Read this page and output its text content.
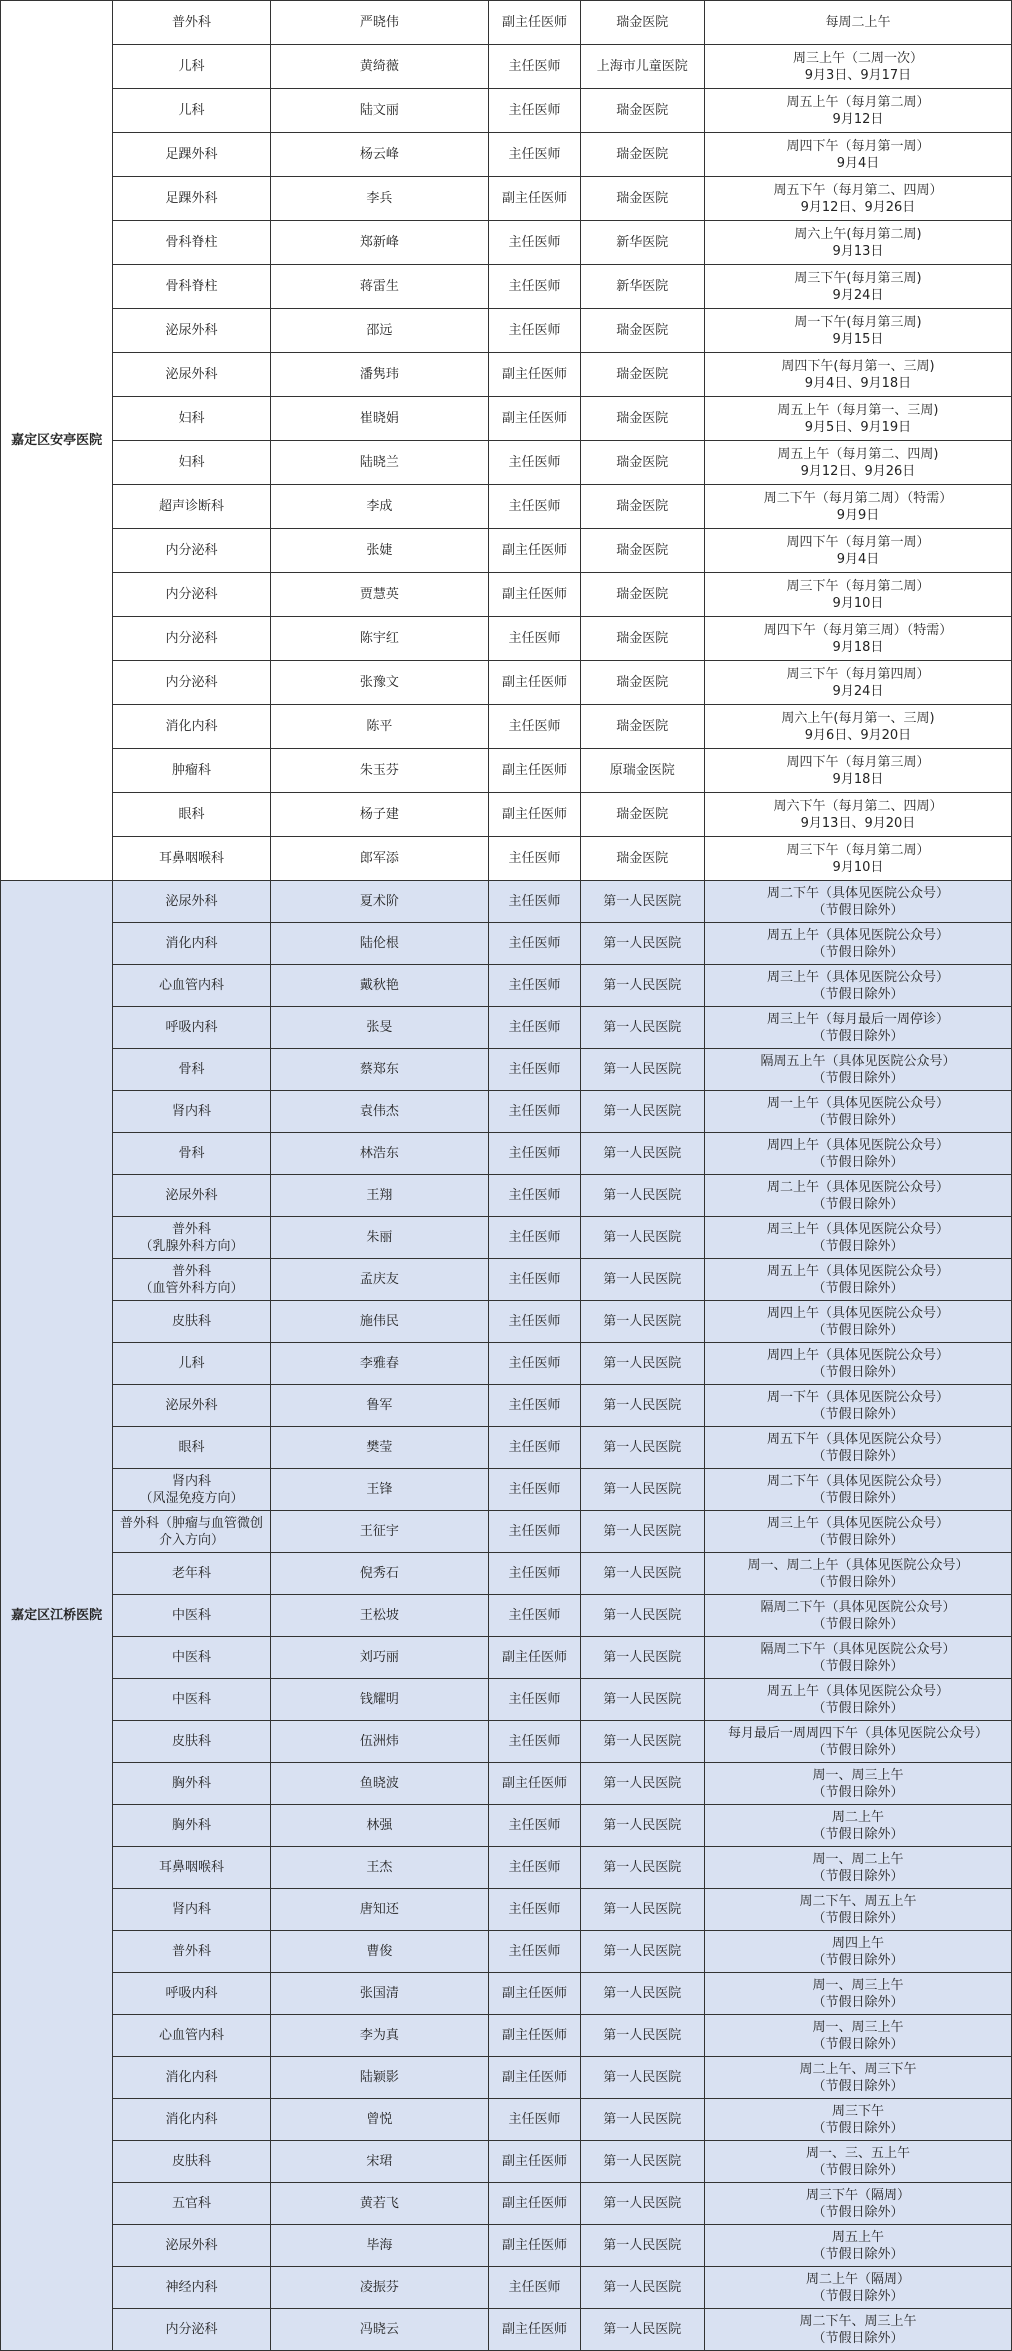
嘉定区安亭医院	普外科	严晓伟	副主任医师	瑞金医院	每周二上午

	儿科	黄绮薇	主任医师	上海市儿童医院	周三上午（二周一次）
9月3日、9月17日

	儿科	陆文丽	主任医师	瑞金医院	周五上午（每月第二周）
9月12日

	足踝外科	杨云峰	主任医师	瑞金医院	周四下午（每月第一周）
9月4日

	足踝外科	李兵	副主任医师	瑞金医院	周五下午（每月第二、四周）
9月12日、9月26日

	骨科脊柱	郑新峰	主任医师	新华医院	周六上午(每月第二周)
9月13日

	骨科脊柱	蒋雷生	主任医师	新华医院	周三下午(每月第三周)
9月24日

	泌尿外科	邵远	主任医师	瑞金医院	周一下午(每月第三周)
9月15日

	泌尿外科	潘隽玮	副主任医师	瑞金医院	周四下午(每月第一、三周)
9月4日、9月18日

	妇科	崔晓娟	副主任医师	瑞金医院	周五上午（每月第一、三周)
9月5日、9月19日

	妇科	陆晓兰	主任医师	瑞金医院	周五上午（每月第二、四周)
9月12日、9月26日

	超声诊断科	李成	主任医师	瑞金医院	周二下午（每月第二周）（特需）
9月9日

	内分泌科	张婕	副主任医师	瑞金医院	周四下午（每月第一周）
9月4日

	内分泌科	贾慧英	副主任医师	瑞金医院	周三下午（每月第二周）
9月10日

	内分泌科	陈宇红	主任医师	瑞金医院	周四下午（每月第三周）（特需）
9月18日

	内分泌科	张豫文	副主任医师	瑞金医院	周三下午（每月第四周）
9月24日

	消化内科	陈平	主任医师	瑞金医院	周六上午(每月第一、三周)
9月6日、9月20日

	肿瘤科	朱玉芬	副主任医师	原瑞金医院	周四下午（每月第三周）
9月18日

	眼科	杨子建	副主任医师	瑞金医院	周六下午（每月第二、四周）
9月13日、9月20日

	耳鼻咽喉科	郎军添	主任医师	瑞金医院	周三下午（每月第二周）
9月10日

嘉定区江桥医院	泌尿外科	夏术阶	主任医师	第一人民医院	周二下午（具体见医院公众号）
（节假日除外）

	消化内科	陆伦根	主任医师	第一人民医院	周五上午（具体见医院公众号）
（节假日除外）

	心血管内科	戴秋艳	主任医师	第一人民医院	周三上午（具体见医院公众号）
（节假日除外）

	呼吸内科	张旻	主任医师	第一人民医院	周三上午（每月最后一周停诊）
（节假日除外）

	骨科	蔡郑东	主任医师	第一人民医院	隔周五上午（具体见医院公众号）
（节假日除外）

	肾内科	袁伟杰	主任医师	第一人民医院	周一上午（具体见医院公众号）
（节假日除外）

	骨科	林浩东	主任医师	第一人民医院	周四上午（具体见医院公众号）
（节假日除外）

	泌尿外科	王翔	主任医师	第一人民医院	周二上午（具体见医院公众号）
（节假日除外）

	普外科
（乳腺外科方向）	朱丽	主任医师	第一人民医院	周三上午（具体见医院公众号）
（节假日除外）

	普外科
（血管外科方向）	孟庆友	主任医师	第一人民医院	周五上午（具体见医院公众号）
（节假日除外）

	皮肤科	施伟民	主任医师	第一人民医院	周四上午（具体见医院公众号）
（节假日除外）

	儿科	李雅春	主任医师	第一人民医院	周四上午（具体见医院公众号）
（节假日除外）

	泌尿外科	鲁军	主任医师	第一人民医院	周一下午（具体见医院公众号）
（节假日除外）

	眼科	樊莹	主任医师	第一人民医院	周五下午（具体见医院公众号）
（节假日除外）

	肾内科
（风湿免疫方向）	王锋	主任医师	第一人民医院	周二下午（具体见医院公众号）
（节假日除外）

	普外科（肿瘤与血管微创
介入方向）	王征宇	主任医师	第一人民医院	周三上午（具体见医院公众号）
（节假日除外）

	老年科	倪秀石	主任医师	第一人民医院	周一、周二上午（具体见医院公众号）
（节假日除外）

	中医科	王松坡	主任医师	第一人民医院	隔周二下午（具体见医院公众号）
（节假日除外）

	中医科	刘巧丽	副主任医师	第一人民医院	隔周二下午（具体见医院公众号）
（节假日除外）

	中医科	钱耀明	主任医师	第一人民医院	周五上午（具体见医院公众号）
（节假日除外）

	皮肤科	伍洲炜	主任医师	第一人民医院	每月最后一周周四下午（具体见医院公众号）
（节假日除外）

	胸外科	鱼晓波	副主任医师	第一人民医院	周一、周三上午
（节假日除外）

	胸外科	林强	主任医师	第一人民医院	周二上午
（节假日除外）

	耳鼻咽喉科	王杰	主任医师	第一人民医院	周一、周二上午
（节假日除外）

	肾内科	唐知还	主任医师	第一人民医院	周二下午、周五上午
（节假日除外）

	普外科	曹俊	主任医师	第一人民医院	周四上午
（节假日除外）

	呼吸内科	张国清	副主任医师	第一人民医院	周一、周三上午
（节假日除外）

	心血管内科	李为真	副主任医师	第一人民医院	周一、周三上午
（节假日除外）

	消化内科	陆颖影	副主任医师	第一人民医院	周二上午、周三下午
（节假日除外）

	消化内科	曾悦	主任医师	第一人民医院	周三下午
（节假日除外）

	皮肤科	宋珺	副主任医师	第一人民医院	周一、三、五上午
（节假日除外）

	五官科	黄若飞	副主任医师	第一人民医院	周三下午（隔周）
（节假日除外）

	泌尿外科	毕海	副主任医师	第一人民医院	周五上午
（节假日除外）

	神经内科	凌振芬	主任医师	第一人民医院	周二上午（隔周）
（节假日除外）

	内分泌科	冯晓云	副主任医师	第一人民医院	周二下午、周三上午
（节假日除外）
